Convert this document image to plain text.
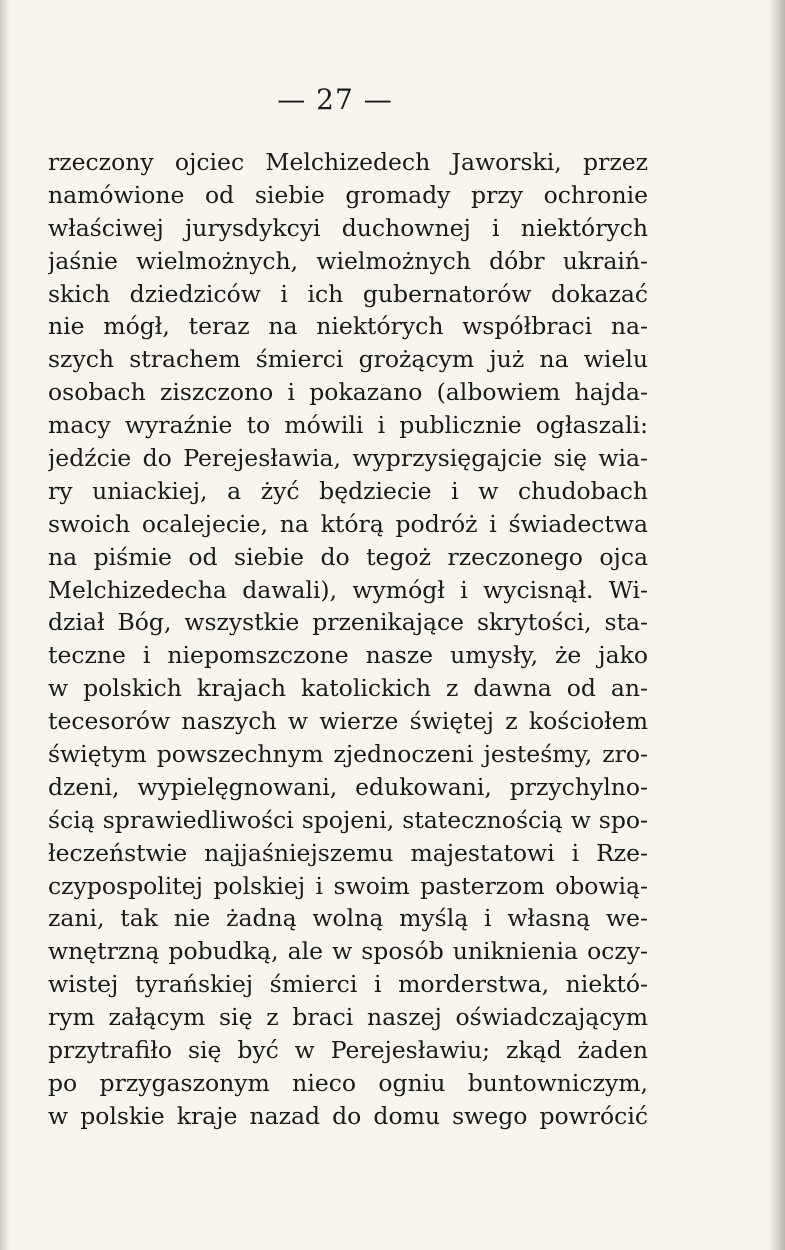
— 27 —
rzeczony ojciec Melchizedech Jaworski, przez
namówione od siebie gromady przy ochronie
właściwej jurysdykcyi duchownej i niektórych
jaśnie wielmożnych, wielmożnych dóbr ukraiń-
skich dziedziców i ich gubernatorów dokazać
nie mógł, teraz na niektórych współbraci na-
szych strachem śmierci grożącym już na wielu
osobach ziszczono i pokazano (albowiem hajda-
macy wyraźnie to mówili i publicznie ogłaszali:
jedźcie do Perejesławia, wyprzysięgajcie się wia-
ry uniackiej, a żyć będziecie i w chudobach
swoich ocalejecie, na którą podróż i świadectwa
na piśmie od siebie do tegoż rzeczonego ojca
Melchizedecha dawali), wymógł i wycisnął. Wi-
dział Bóg, wszystkie przenikające skrytości, sta-
teczne i niepomszczone nasze umysły, że jako
w polskich krajach katolickich z dawna od an-
tecesorów naszych w wierze świętej z kościołem
świętym powszechnym zjednoczeni jesteśmy, zro-
dzeni, wypielęgnowani, edukowani, przychylno-
ścią sprawiedliwości spojeni, statecznością w spo-
łeczeństwie najjaśniejszemu majestatowi i Rze-
czypospolitej polskiej i swoim pasterzom obowią-
zani, tak nie żadną wolną myślą i własną we-
wnętrzną pobudką, ale w sposób uniknienia oczy-
wistej tyrańskiej śmierci i morderstwa, niektó-
rym załącym się z braci naszej oświadczającym
przytrafiło się być w Perejesławiu; zkąd żaden
po przygaszonym nieco ogniu buntowniczym,
w polskie kraje nazad do domu swego powrócić
